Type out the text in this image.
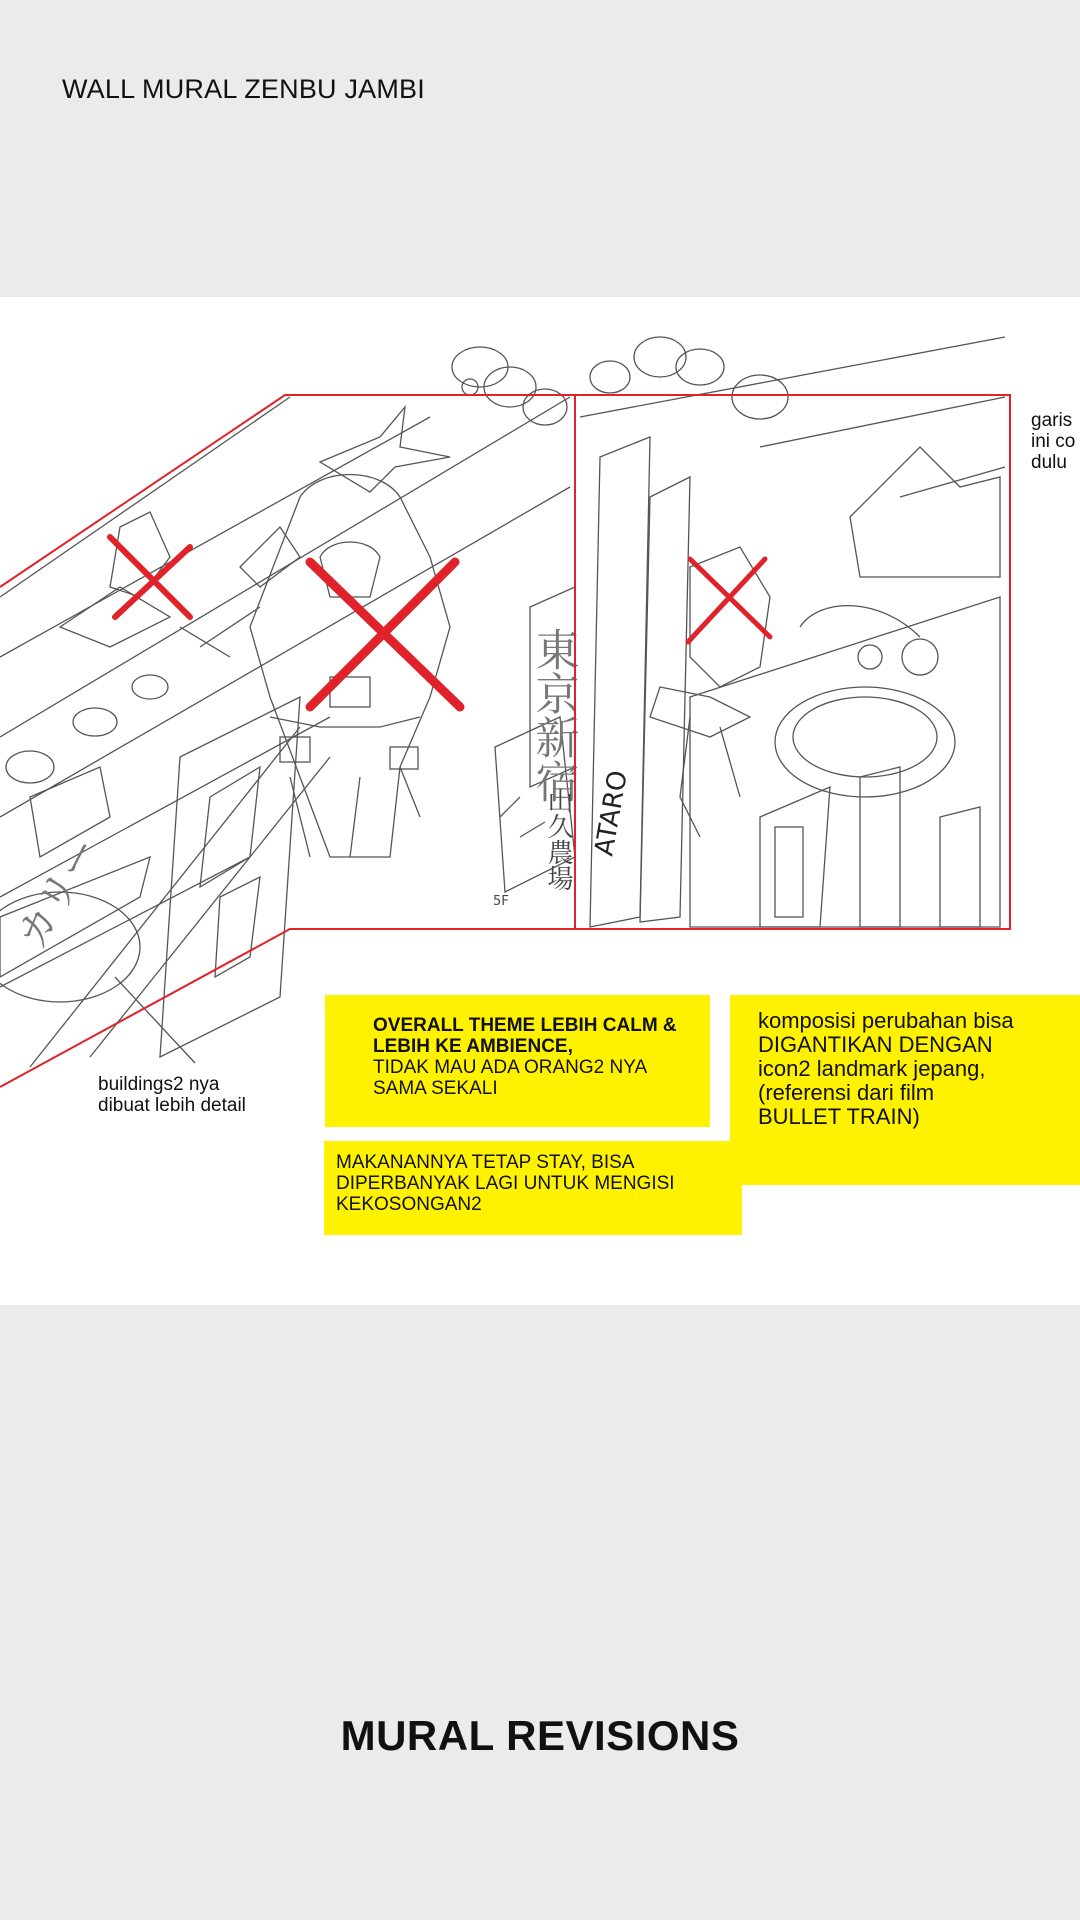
WALL MURAL ZENBU JAMBI
東京新宿
山久農場
5F
カリー
ATARO
garis
ini co
dulu
buildings2 nya
dibuat lebih detail
OVERALL THEME LEBIH CALM &
LEBIH KE AMBIENCE,
TIDAK MAU ADA ORANG2 NYA
SAMA SEKALI
MAKANANNYA TETAP STAY, BISA
DIPERBANYAK LAGI UNTUK MENGISI
KEKOSONGAN2
komposisi perubahan bisa
DIGANTIKAN DENGAN
icon2 landmark jepang,
(referensi dari film
BULLET TRAIN)
MURAL REVISIONS
